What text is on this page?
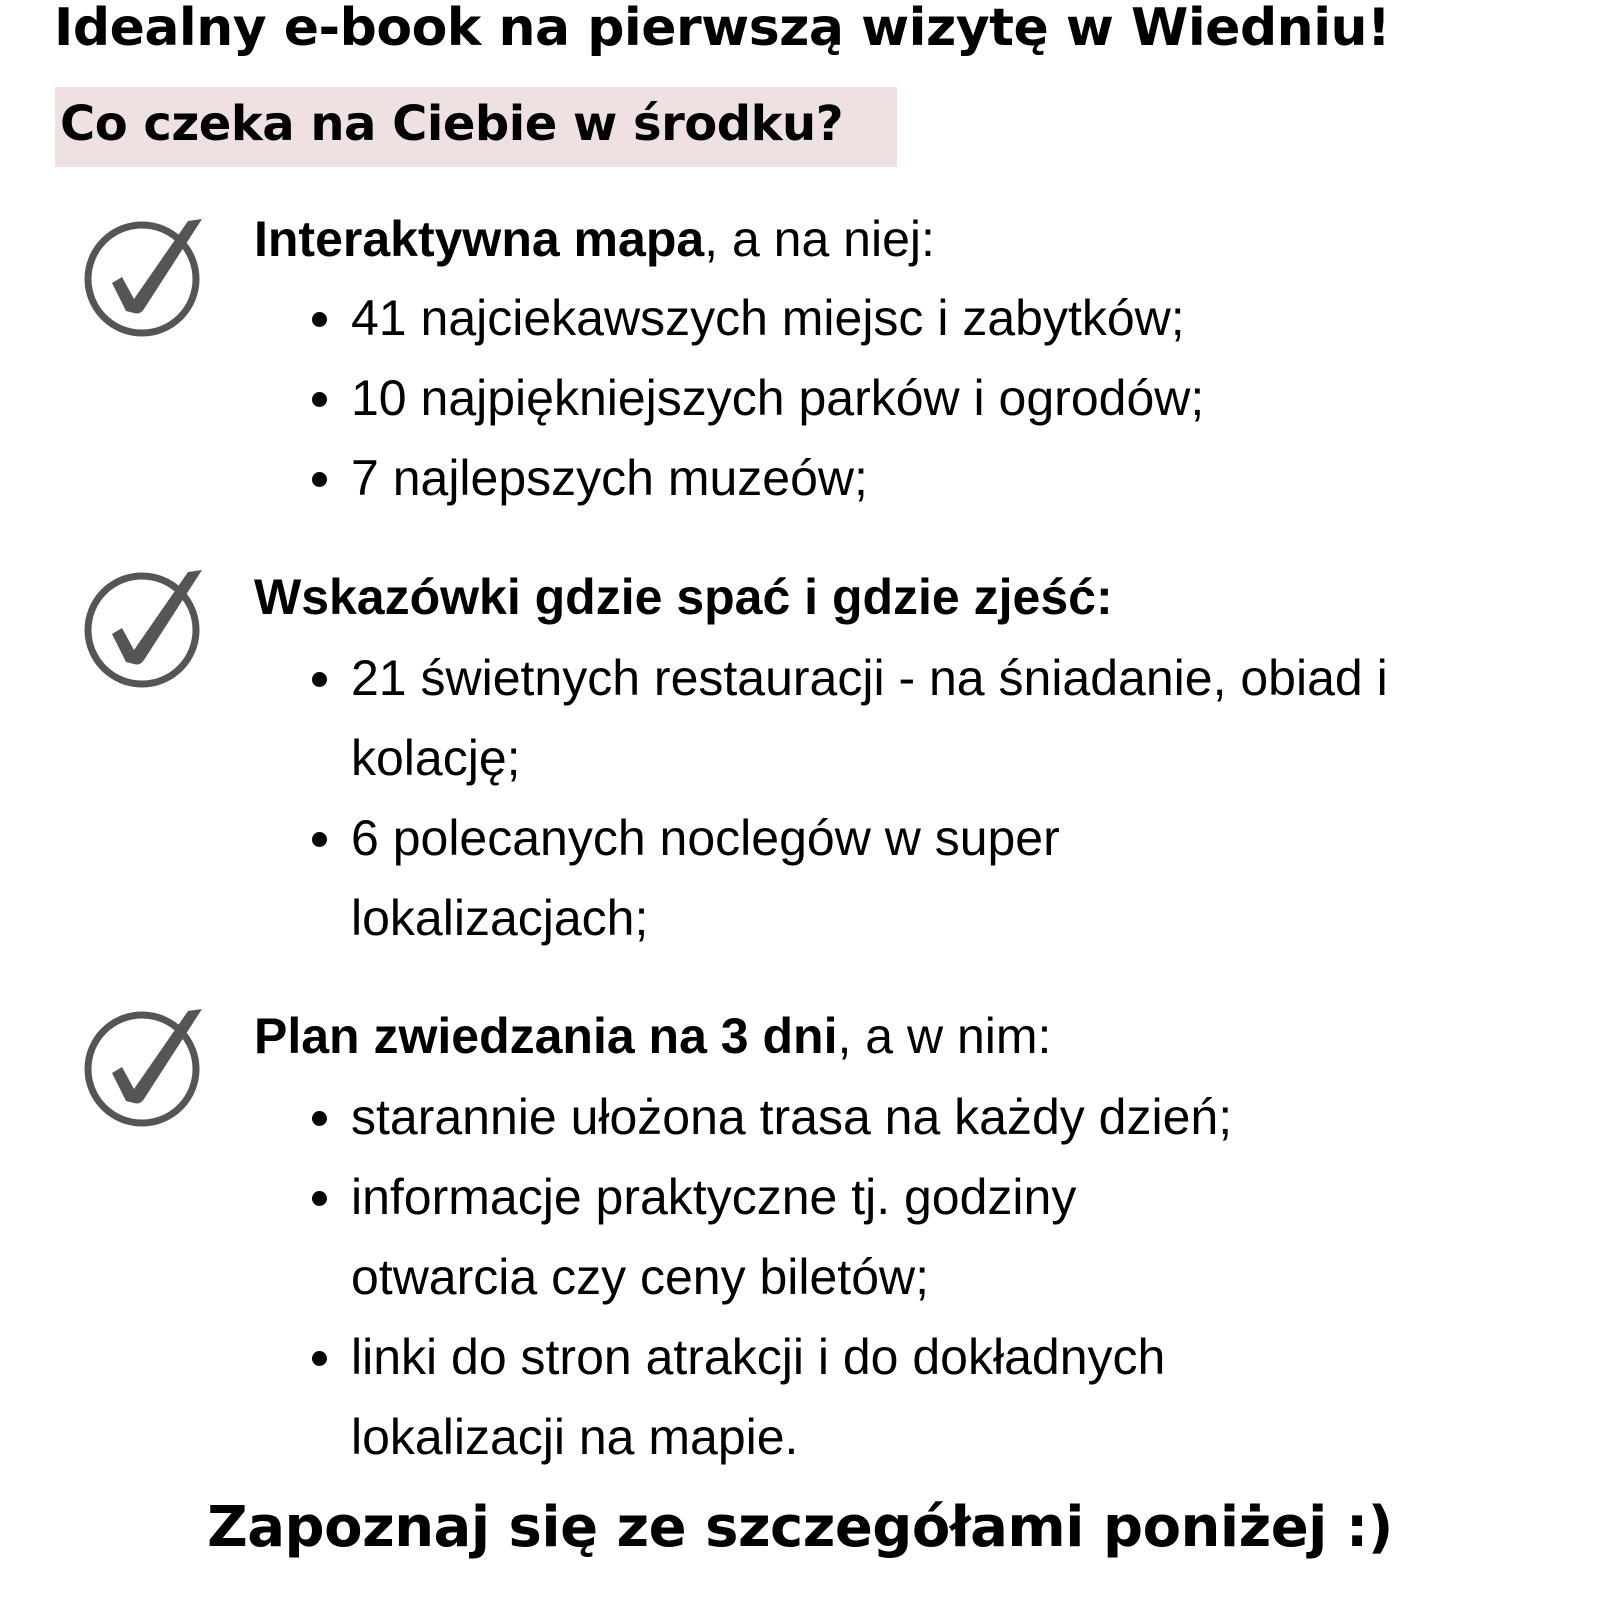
Idealny e-book na pierwszą wizytę w Wiedniu!
Co czeka na Ciebie w środku?
Interaktywna mapa, a na niej:
41 najciekawszych miejsc i zabytków;
10 najpiękniejszych parków i ogrodów;
7 najlepszych muzeów;
Wskazówki gdzie spać i gdzie zjeść:
21 świetnych restauracji - na śniadanie, obiad i kolację;
6 polecanych noclegów w super lokalizacjach;
Plan zwiedzania na 3 dni, a w nim:
starannie ułożona trasa na każdy dzień;
informacje praktyczne tj. godziny otwarcia czy ceny biletów;
linki do stron atrakcji i do dokładnych lokalizacji na mapie.
Zapoznaj się ze szczegółami poniżej :)
